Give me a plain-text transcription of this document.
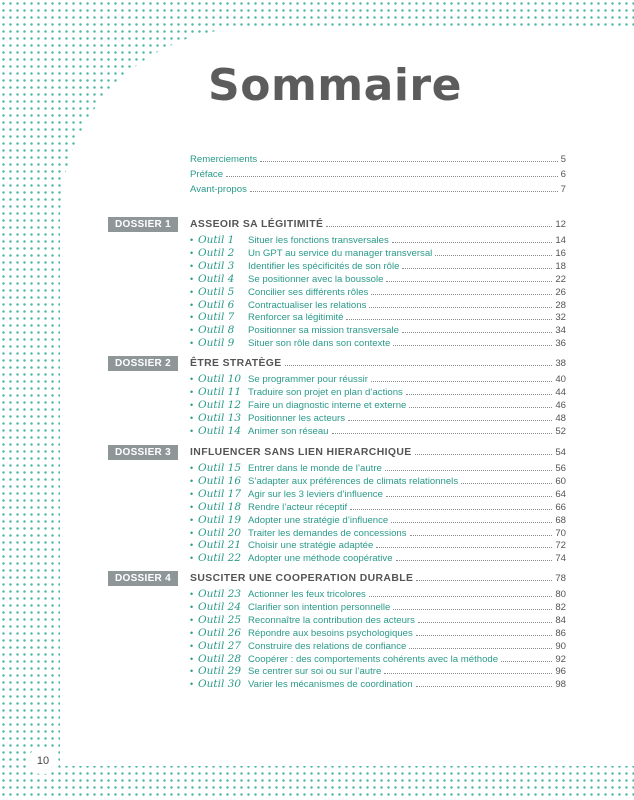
Sommaire
Remerciements	5
Préface	6
Avant-propos	7
DOSSIER 1	ASSEOIR SA LÉGITIMITÉ	12
• Outil 1	Situer les fonctions transversales	14
• Outil 2	Un GPT au service du manager transversal	16
• Outil 3	Identifier les spécificités de son rôle	18
• Outil 4	Se positionner avec la boussole	22
• Outil 5	Concilier ses différents rôles	26
• Outil 6	Contractualiser les relations	28
• Outil 7	Renforcer sa légitimité	32
• Outil 8	Positionner sa mission transversale	34
• Outil 9	Situer son rôle dans son contexte	36
DOSSIER 2	ÊTRE STRATÈGE	38
• Outil 10 Se programmer pour réussir	40
• Outil 11 Traduire son projet en plan d’actions	44
• Outil 12 Faire un diagnostic interne et externe	46
• Outil 13 Positionner les acteurs	48
• Outil 14 Animer son réseau	52
DOSSIER 3	INFLUENCER SANS LIEN HIERARCHIQUE	54
• Outil 15 Entrer dans le monde de l’autre	56
• Outil 16 S’adapter aux préférences de climats relationnels	60
• Outil 17 Agir sur les 3 leviers d’influence	64
• Outil 18 Rendre l’acteur réceptif	66
• Outil 19 Adopter une stratégie d’influence	68
• Outil 20 Traiter les demandes de concessions	70
• Outil 21 Choisir une stratégie adaptée	72
• Outil 22 Adopter une méthode coopérative	74
DOSSIER 4	SUSCITER UNE COOPERATION DURABLE	78
• Outil 23 Actionner les feux tricolores	80
• Outil 24 Clarifier son intention personnelle	82
• Outil 25 Reconnaître la contribution des acteurs	84
• Outil 26 Répondre aux besoins psychologiques	86
• Outil 27 Construire des relations de confiance	90
• Outil 28 Coopérer : des comportements cohérents avec la méthode	92
• Outil 29 Se centrer sur soi ou sur l’autre	96
• Outil 30 Varier les mécanismes de coordination	98
10
